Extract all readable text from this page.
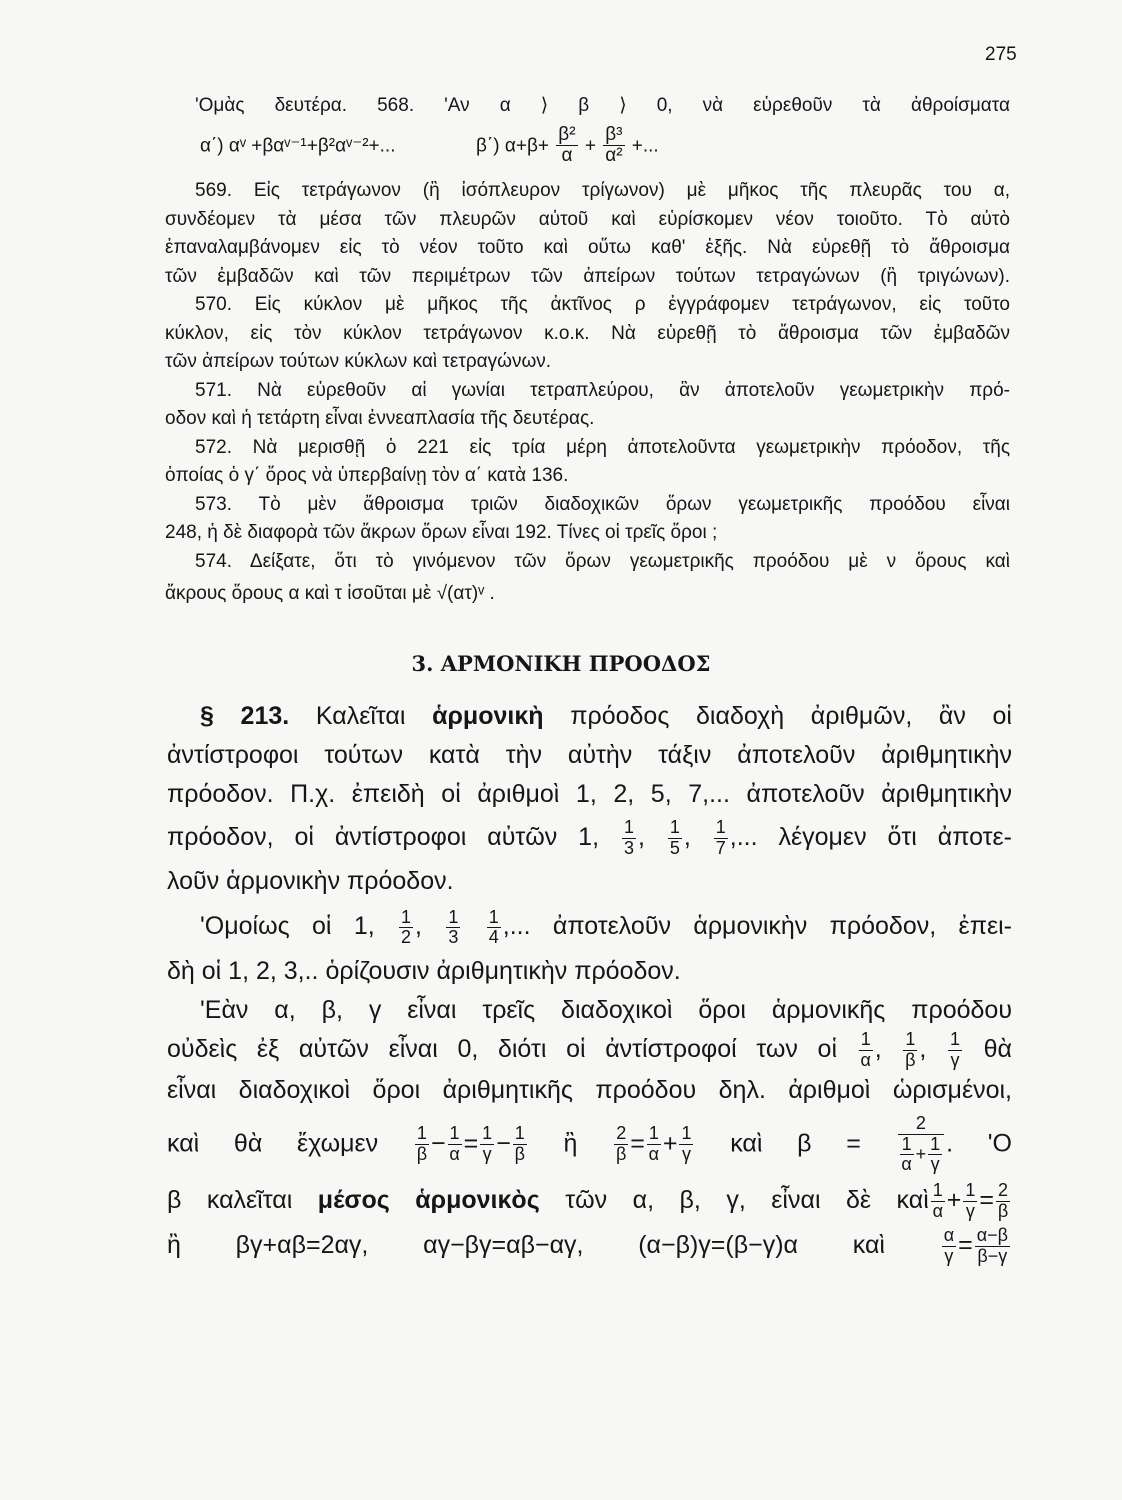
275
'Ομὰς δευτέρα. 568. 'Αν α ⟩ β ⟩ 0, νὰ εὑρεθοῦν τὰ ἀθροίσματα
α΄) αᵛ +βαᵛ⁻¹+β²αᵛ⁻²+...	β΄) $\alpha+\beta+ \frac{\text{β²}}{\alpha} + \frac{\text{β³}}{\text{α²}}$ +...
569. Εἰς τετράγωνον (ἢ ἰσόπλευρον τρίγωνον) μὲ μῆκος τῆς πλευρᾶς του α,
συνδέομεν τὰ μέσα τῶν πλευρῶν αὐτοῦ καὶ εὑρίσκομεν νέον τοιοῦτο. Τὸ αὐτὸ
ἐπαναλαμβάνομεν εἰς τὸ νέον τοῦτο καὶ οὕτω καθ' ἑξῆς. Νὰ εὑρεθῇ τὸ ἄθροισμα
τῶν ἐμβαδῶν καὶ τῶν περιμέτρων τῶν ἀπείρων τούτων τετραγώνων (ἢ τριγώνων).
570. Εἰς κύκλον μὲ μῆκος τῆς ἀκτῖνος ρ ἐγγράφομεν τετράγωνον, εἰς τοῦτο
κύκλον, εἰς τὸν κύκλον τετράγωνον κ.ο.κ. Νὰ εὑρεθῇ τὸ ἄθροισμα τῶν ἐμβαδῶν
τῶν ἀπείρων τούτων κύκλων καὶ τετραγώνων.
571. Νὰ εὑρεθοῦν αἱ γωνίαι τετραπλεύρου, ἂν ἀποτελοῦν γεωμετρικὴν πρό-
οδον καὶ ἡ τετάρτη εἶναι ἐννεαπλασία τῆς δευτέρας.
572. Νὰ μερισθῇ ὁ 221 εἰς τρία μέρη ἀποτελοῦντα γεωμετρικὴν πρόοδον, τῆς
ὁποίας ὁ γ΄ ὅρος νὰ ὑπερβαίνῃ τὸν α΄ κατὰ 136.
573. Τὸ μὲν ἄθροισμα τριῶν διαδοχικῶν ὅρων γεωμετρικῆς προόδου εἶναι
248, ἡ δὲ διαφορὰ τῶν ἄκρων ὅρων εἶναι 192. Τίνες οἱ τρεῖς ὅροι ;
574. Δείξατε, ὅτι τὸ γινόμενον τῶν ὅρων γεωμετρικῆς προόδου μὲ ν ὅρους καὶ
ἄκρους ὅρους α καὶ τ ἰσοῦται μὲ √(ατ)ᵛ .
3. ΑΡΜΟΝΙΚΗ ΠΡΟΟΔΟΣ
§ 213. Καλεῖται ἁρμονικὴ πρόοδος διαδοχὴ ἀριθμῶν, ἂν οἱ
ἀντίστροφοι τούτων κατὰ τὴν αὐτὴν τάξιν ἀποτελοῦν ἀριθμητικὴν
πρόοδον. Π.χ. ἐπειδὴ οἱ ἀριθμοὶ 1, 2, 5, 7,... ἀποτελοῦν ἀριθμητικὴν
πρόοδον, οἱ ἀντίστροφοι αὐτῶν 1, $\frac{1}{3}$ , $\frac{1}{5}$ , $\frac{1}{7}$ ,... λέγομεν ὅτι ἀποτε-
λοῦν ἁρμονικὴν πρόοδον.
'Ομοίως οἱ 1, $\frac{1}{2}$ , $\frac{1}{3}$
$\frac{1}{4}$ ,... ἀποτελοῦν ἁρμονικὴν πρόοδον, ἐπει-
δὴ οἱ 1, 2, 3,.. ὁρίζουσιν ἀριθμητικὴν πρόοδον.
'Εὰν α, β, γ εἶναι τρεῖς διαδοχικοὶ ὅροι ἁρμονικῆς προόδου
οὐδεὶς ἐξ αὐτῶν εἶναι 0, διότι οἱ ἀντίστροφοί των οἱ $\frac{1}{\alpha}$ , $\frac{1}{\beta}$ , $\frac{1}{\gamma}$ θὰ
εἶναι διαδοχικοὶ ὅροι ἀριθμητικῆς προόδου δηλ. ἀριθμοὶ ὡρισμένοι,
καὶ θὰ ἔχωμεν $\frac{1}{\beta} - \frac{1}{\alpha} = \frac{1}{\gamma} - \frac{1}{\beta}$ ἢ $\frac{2}{\beta} = \frac{1}{\alpha} + \frac{1}{\gamma}$ καὶ $\beta = \frac{2}{\frac{1}{\alpha} + \frac{1}{\gamma}}$ . 'Ο
β καλεῖται μέσος ἁρμονικὸς τῶν α, β, γ, εἶναι δὲ καὶ $\frac{1}{\alpha} + \frac{1}{\gamma} = \frac{2}{\beta}$
ἢ βγ+αβ=2αγ, αγ−βγ=αβ−αγ, (α−β)γ=(β−γ)α καὶ	$\frac{\alpha}{\gamma} = \frac{\alpha-\beta}{\beta-\gamma}$
